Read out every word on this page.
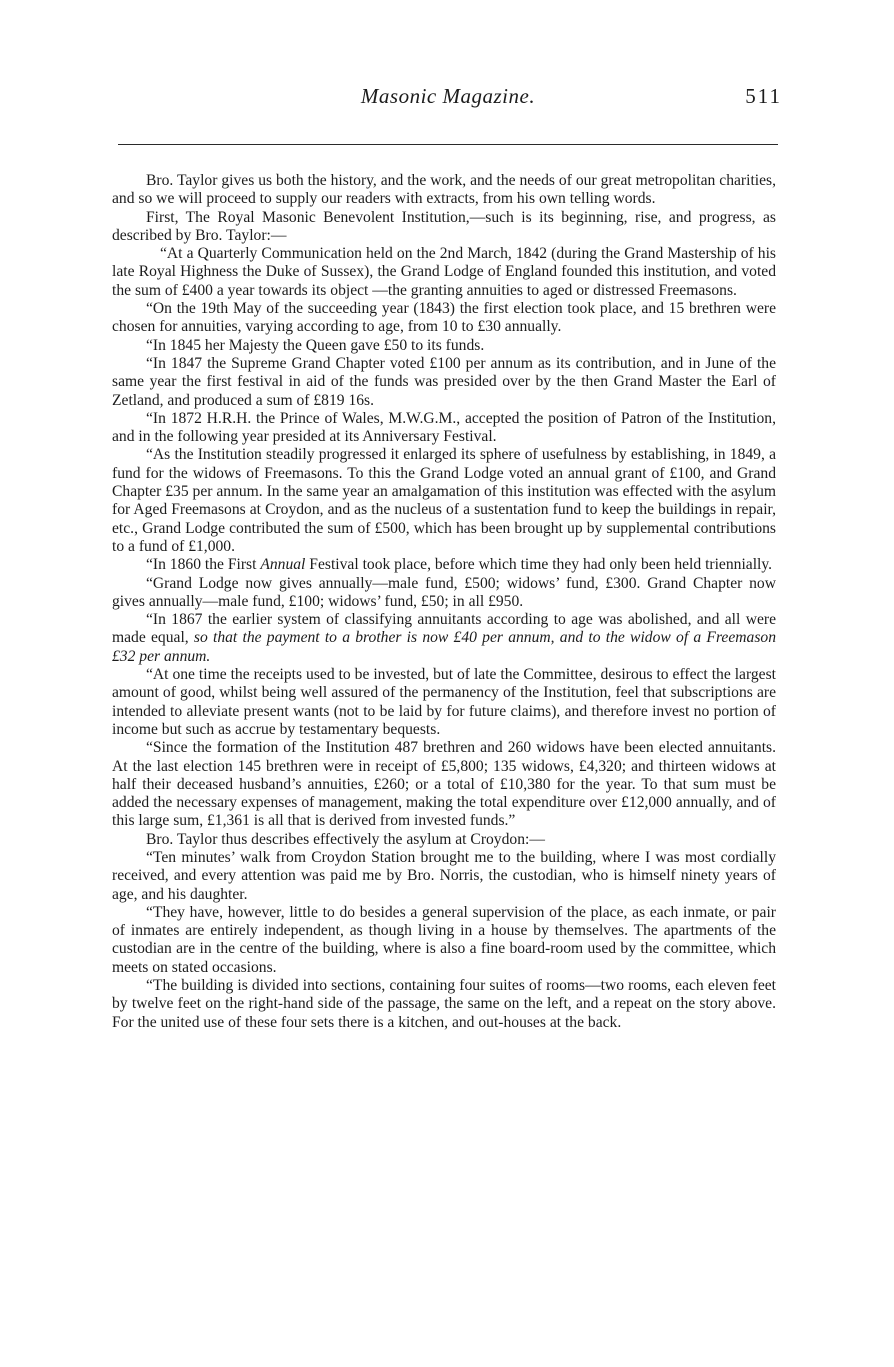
Masonic Magazine.	511

Bro. Taylor gives us both the history, and the work, and the needs of our great metropolitan charities, and so we will proceed to supply our readers with extracts, from his own telling words.

First, The Royal Masonic Benevolent Institution,—such is its beginning, rise, and progress, as described by Bro. Taylor:—

“At a Quarterly Communication held on the 2nd March, 1842 (during the Grand Mastership of his late Royal Highness the Duke of Sussex), the Grand Lodge of England founded this institution, and voted the sum of £400 a year towards its object —the granting annuities to aged or distressed Freemasons.

“On the 19th May of the succeeding year (1843) the first election took place, and 15 brethren were chosen for annuities, varying according to age, from 10 to £30 annually.

“In 1845 her Majesty the Queen gave £50 to its funds.

“In 1847 the Supreme Grand Chapter voted £100 per annum as its contribution, and in June of the same year the first festival in aid of the funds was presided over by the then Grand Master the Earl of Zetland, and produced a sum of £819 16s.

“In 1872 H.R.H. the Prince of Wales, M.W.G.M., accepted the position of Patron of the Institution, and in the following year presided at its Anniversary Festival.

“As the Institution steadily progressed it enlarged its sphere of usefulness by establishing, in 1849, a fund for the widows of Freemasons. To this the Grand Lodge voted an annual grant of £100, and Grand Chapter £35 per annum. In the same year an amalgamation of this institution was effected with the asylum for Aged Freemasons at Croydon, and as the nucleus of a sustentation fund to keep the buildings in repair, etc., Grand Lodge contributed the sum of £500, which has been brought up by supplemental contributions to a fund of £1,000.

“In 1860 the First Annual Festival took place, before which time they had only been held triennially.

“Grand Lodge now gives annually—male fund, £500; widows’ fund, £300. Grand Chapter now gives annually—male fund, £100; widows’ fund, £50; in all £950.

“In 1867 the earlier system of classifying annuitants according to age was abolished, and all were made equal, so that the payment to a brother is now £40 per annum, and to the widow of a Freemason £32 per annum.

“At one time the receipts used to be invested, but of late the Committee, desirous to effect the largest amount of good, whilst being well assured of the permanency of the Institution, feel that subscriptions are intended to alleviate present wants (not to be laid by for future claims), and therefore invest no portion of income but such as accrue by testamentary bequests.

“Since the formation of the Institution 487 brethren and 260 widows have been elected annuitants. At the last election 145 brethren were in receipt of £5,800; 135 widows, £4,320; and thirteen widows at half their deceased husband’s annuities, £260; or a total of £10,380 for the year. To that sum must be added the necessary expenses of management, making the total expenditure over £12,000 annually, and of this large sum, £1,361 is all that is derived from invested funds.”

Bro. Taylor thus describes effectively the asylum at Croydon:—

“Ten minutes’ walk from Croydon Station brought me to the building, where I was most cordially received, and every attention was paid me by Bro. Norris, the custodian, who is himself ninety years of age, and his daughter.

“They have, however, little to do besides a general supervision of the place, as each inmate, or pair of inmates are entirely independent, as though living in a house by themselves. The apartments of the custodian are in the centre of the building, where is also a fine board-room used by the committee, which meets on stated occasions.

“The building is divided into sections, containing four suites of rooms—two rooms, each eleven feet by twelve feet on the right-hand side of the passage, the same on the left, and a repeat on the story above. For the united use of these four sets there is a kitchen, and out-houses at the back.
